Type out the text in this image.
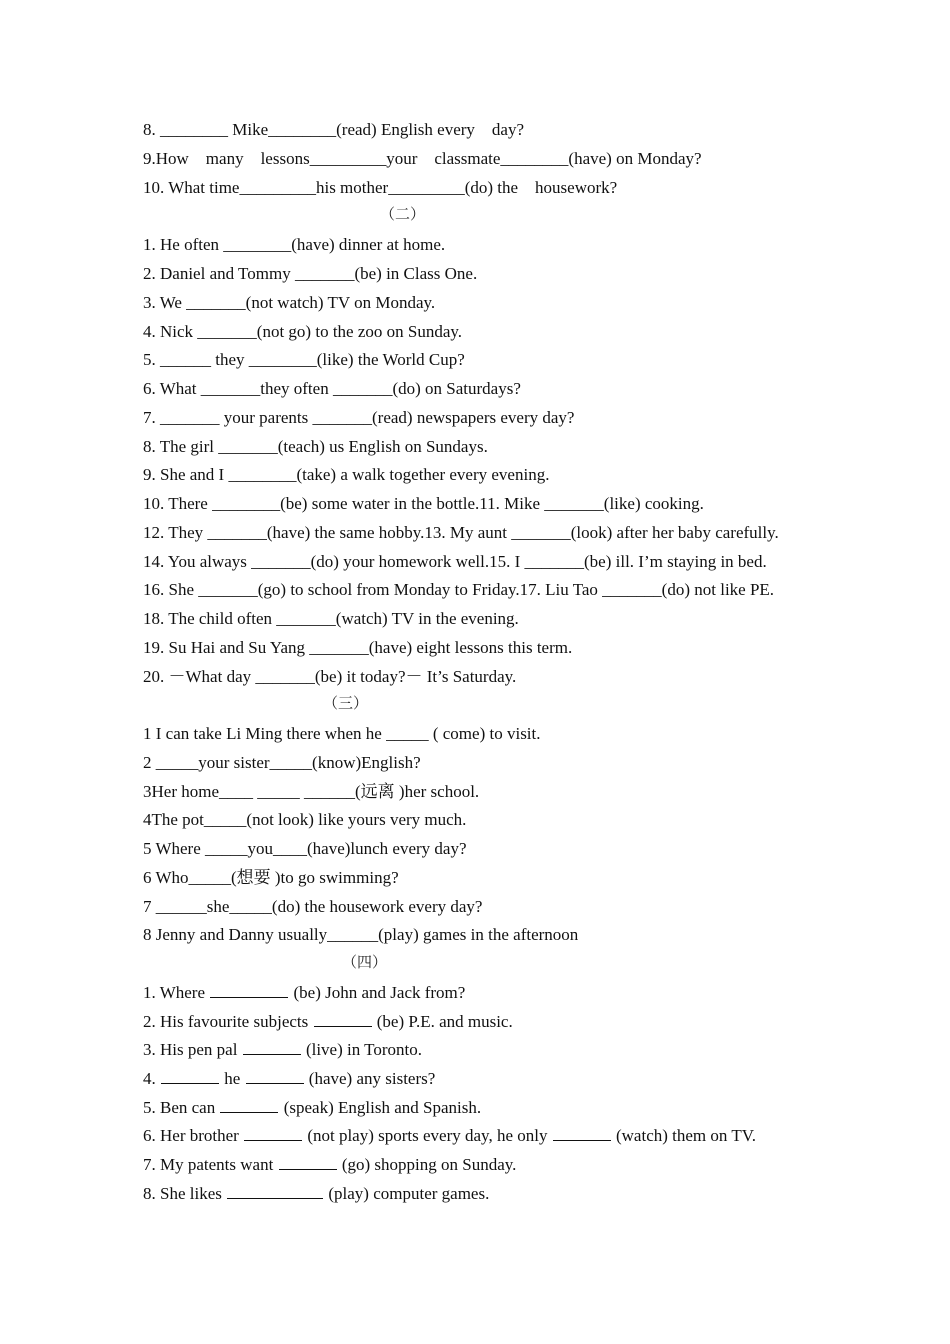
8. ________ Mike________(read) English every    day?

9.How    many    lessons_________your    classmate________(have) on Monday?

10. What time_________his mother_________(do) the    housework?

（二）

1. He often ________(have) dinner at home.

2. Daniel and Tommy _______(be) in Class One.

3. We _______(not watch) TV on Monday.

4. Nick _______(not go) to the zoo on Sunday.

5. ______ they ________(like) the World Cup?

6. What _______they often _______(do) on Saturdays?

7. _______ your parents _______(read) newspapers every day?

8. The girl _______(teach) us English on Sundays.

9. She and I ________(take) a walk together every evening.

10. There ________(be) some water in the bottle.11. Mike _______(like) cooking.

12. They _______(have) the same hobby.13. My aunt _______(look) after her baby carefully.

14. You always _______(do) your homework well.15. I _______(be) ill. I’m staying in bed.

16. She _______(go) to school from Monday to Friday.17. Liu Tao _______(do) not like PE.

18. The child often _______(watch) TV in the evening.

19. Su Hai and Su Yang _______(have) eight lessons this term.

20. －What day _______(be) it today?－ It’s Saturday.

（三）

1 I can take Li Ming there when he _____ ( come) to visit.

2 _____your sister_____(know)English?

3Her home____ _____ ______(远离 )her school.

4The pot_____(not look) like yours very much.

5 Where _____you____(have)lunch every day?

6 Who_____(想要 )to go swimming?

7 ______she_____(do) the housework every day?

8 Jenny and Danny usually______(play) games in the afternoon

（四）

1. Where	(be) John and Jack from?

2. His favourite subjects	(be) P.E. and music.

3. His pen pal	(live) in Toronto.

4.	he	(have) any sisters?

5. Ben can	(speak) English and Spanish.

6. Her brother	(not play) sports every day, he only	(watch) them on TV.

7. My patents want	(go) shopping on Sunday.

8. She likes	(play) computer games.
